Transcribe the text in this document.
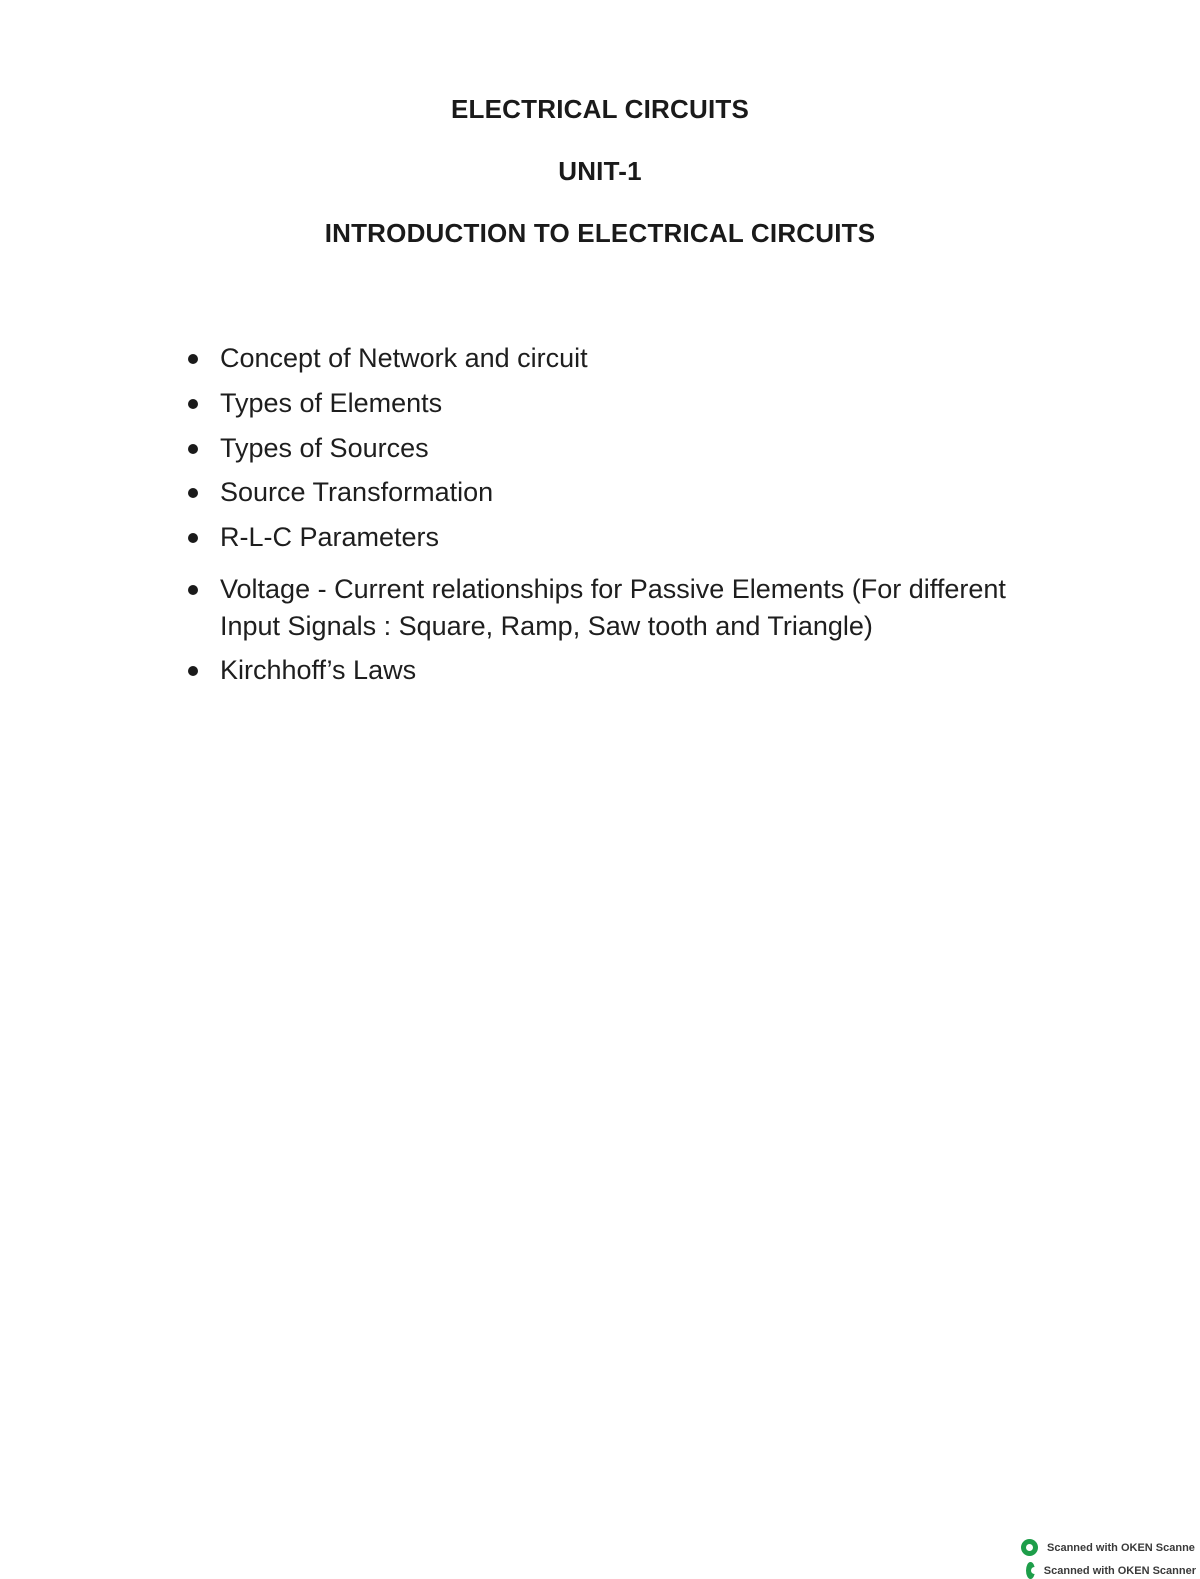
ELECTRICAL CIRCUITS
UNIT-1
INTRODUCTION TO ELECTRICAL CIRCUITS
Concept of Network and circuit
Types of Elements
Types of Sources
Source Transformation
R-L-C Parameters
Voltage - Current relationships for Passive Elements (For different Input Signals : Square, Ramp, Saw tooth and Triangle)
Kirchhoff’s Laws
Scanned with OKEN Scanne
Scanned with OKEN Scanner
